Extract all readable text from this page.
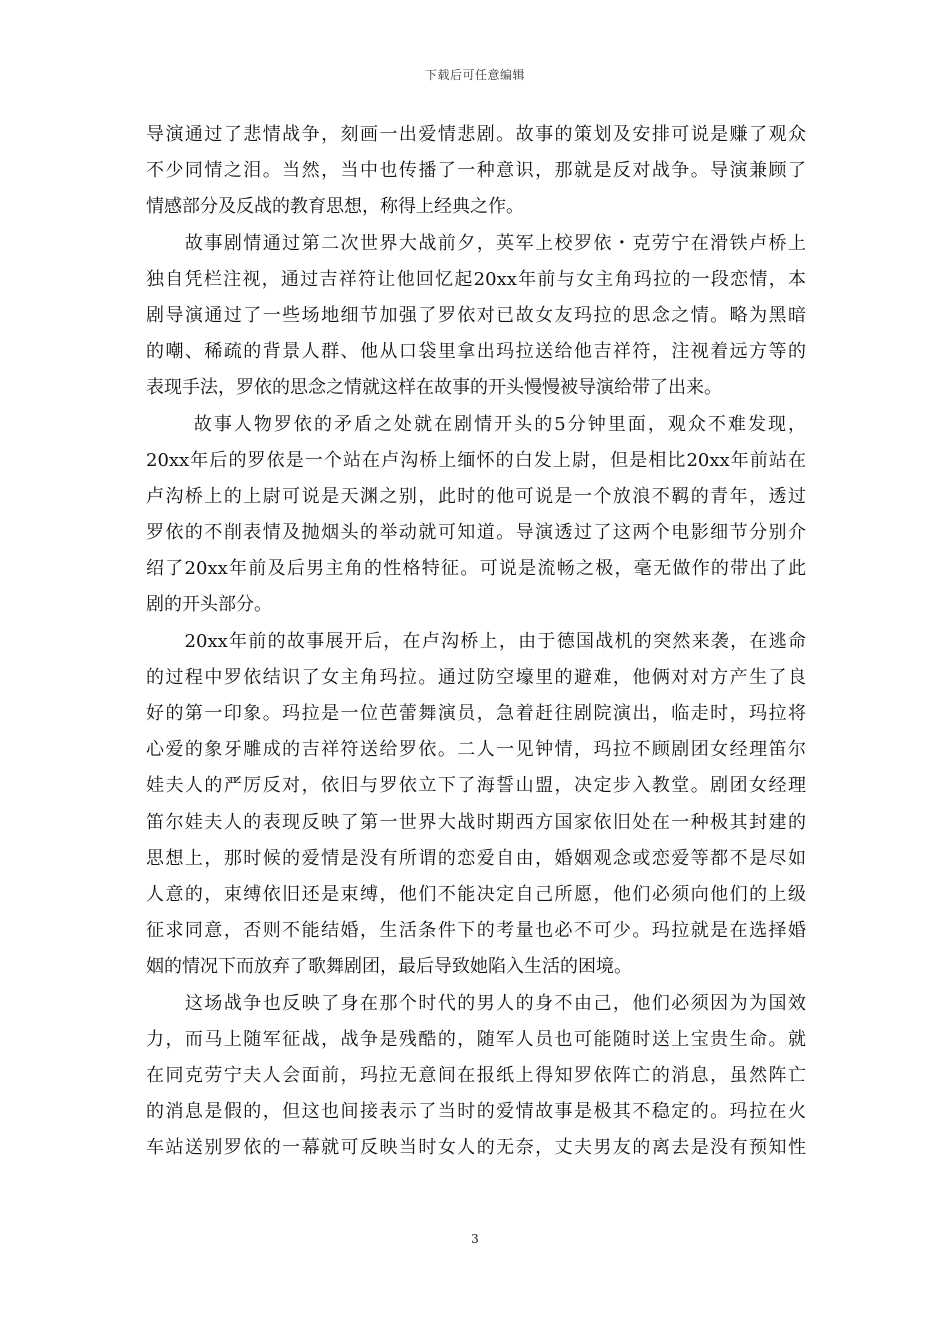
下载后可任意编辑
导演通过了悲情战争，刻画一出爱情悲剧。故事的策划及安排可说是赚了观众
不少同情之泪。当然，当中也传播了一种意识，那就是反对战争。导演兼顾了
情感部分及反战的教育思想，称得上经典之作。
　　故事剧情通过第二次世界大战前夕，英军上校罗依・克劳宁在滑铁卢桥上
独自凭栏注视，通过吉祥符让他回忆起20xx年前与女主角玛拉的一段恋情，本
剧导演通过了一些场地细节加强了罗依对已故女友玛拉的思念之情。略为黑暗
的嘲、稀疏的背景人群、他从口袋里拿出玛拉送给他吉祥符，注视着远方等的
表现手法，罗依的思念之情就这样在故事的开头慢慢被导演给带了出来。
　　 故事人物罗依的矛盾之处就在剧情开头的5分钟里面，观众不难发现，
20xx年后的罗依是一个站在卢沟桥上缅怀的白发上尉，但是相比20xx年前站在
卢沟桥上的上尉可说是天渊之别，此时的他可说是一个放浪不羁的青年，透过
罗依的不削表情及抛烟头的举动就可知道。导演透过了这两个电影细节分别介
绍了20xx年前及后男主角的性格特征。可说是流畅之极，毫无做作的带出了此
剧的开头部分。
　　20xx年前的故事展开后，在卢沟桥上，由于德国战机的突然来袭，在逃命
的过程中罗依结识了女主角玛拉。通过防空壕里的避难，他俩对对方产生了良
好的第一印象。玛拉是一位芭蕾舞演员，急着赶往剧院演出，临走时，玛拉将
心爱的象牙雕成的吉祥符送给罗依。二人一见钟情，玛拉不顾剧团女经理笛尔
娃夫人的严厉反对，依旧与罗依立下了海誓山盟，决定步入教堂。剧团女经理
笛尔娃夫人的表现反映了第一世界大战时期西方国家依旧处在一种极其封建的
思想上，那时候的爱情是没有所谓的恋爱自由，婚姻观念或恋爱等都不是尽如
人意的，束缚依旧还是束缚，他们不能决定自己所愿，他们必须向他们的上级
征求同意，否则不能结婚，生活条件下的考量也必不可少。玛拉就是在选择婚
姻的情况下而放弃了歌舞剧团，最后导致她陷入生活的困境。
　　这场战争也反映了身在那个时代的男人的身不由己，他们必须因为为国效
力，而马上随军征战，战争是残酷的，随军人员也可能随时送上宝贵生命。就
在同克劳宁夫人会面前，玛拉无意间在报纸上得知罗依阵亡的消息，虽然阵亡
的消息是假的，但这也间接表示了当时的爱情故事是极其不稳定的。玛拉在火
车站送别罗依的一幕就可反映当时女人的无奈，丈夫男友的离去是没有预知性
3
